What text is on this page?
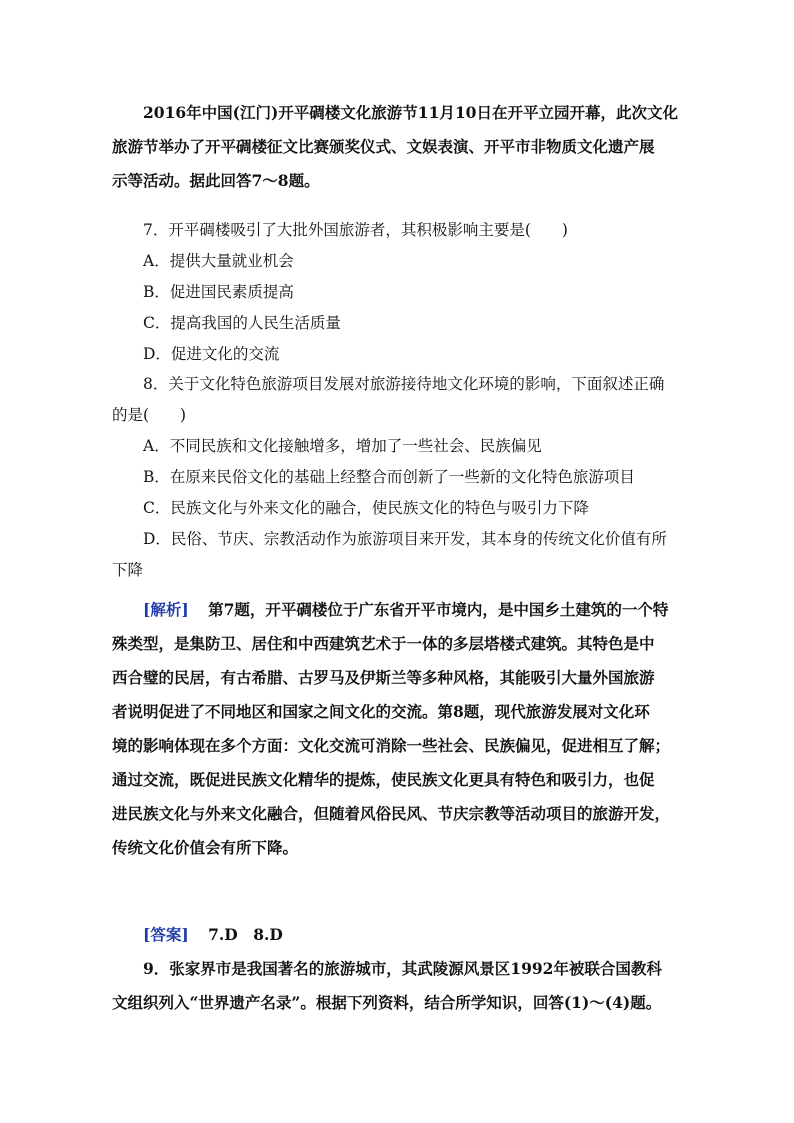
2016年中国(江门)开平碉楼文化旅游节11月10日在开平立园开幕，此次文化
旅游节举办了开平碉楼征文比赛颁奖仪式、文娱表演、开平市非物质文化遗产展
示等活动。据此回答7～8题。
7．开平碉楼吸引了大批外国旅游者，其积极影响主要是(　　)
A．提供大量就业机会
B．促进国民素质提高
C．提高我国的人民生活质量
D．促进文化的交流
8．关于文化特色旅游项目发展对旅游接待地文化环境的影响，下面叙述正确
的是(　　)
A．不同民族和文化接触增多，增加了一些社会、民族偏见
B．在原来民俗文化的基础上经整合而创新了一些新的文化特色旅游项目
C．民族文化与外来文化的融合，使民族文化的特色与吸引力下降
D．民俗、节庆、宗教活动作为旅游项目来开发，其本身的传统文化价值有所
下降
[解析] 第7题，开平碉楼位于广东省开平市境内，是中国乡土建筑的一个特
殊类型，是集防卫、居住和中西建筑艺术于一体的多层塔楼式建筑。其特色是中
西合璧的民居，有古希腊、古罗马及伊斯兰等多种风格，其能吸引大量外国旅游
者说明促进了不同地区和国家之间文化的交流。第8题，现代旅游发展对文化环
境的影响体现在多个方面：文化交流可消除一些社会、民族偏见，促进相互了解；
通过交流，既促进民族文化精华的提炼，使民族文化更具有特色和吸引力，也促
进民族文化与外来文化融合，但随着风俗民风、节庆宗教等活动项目的旅游开发，
传统文化价值会有所下降。
[答案] 7.D　8.D
9．张家界市是我国著名的旅游城市，其武陵源风景区1992年被联合国教科
文组织列入“世界遗产名录”。根据下列资料，结合所学知识，回答(1)～(4)题。
